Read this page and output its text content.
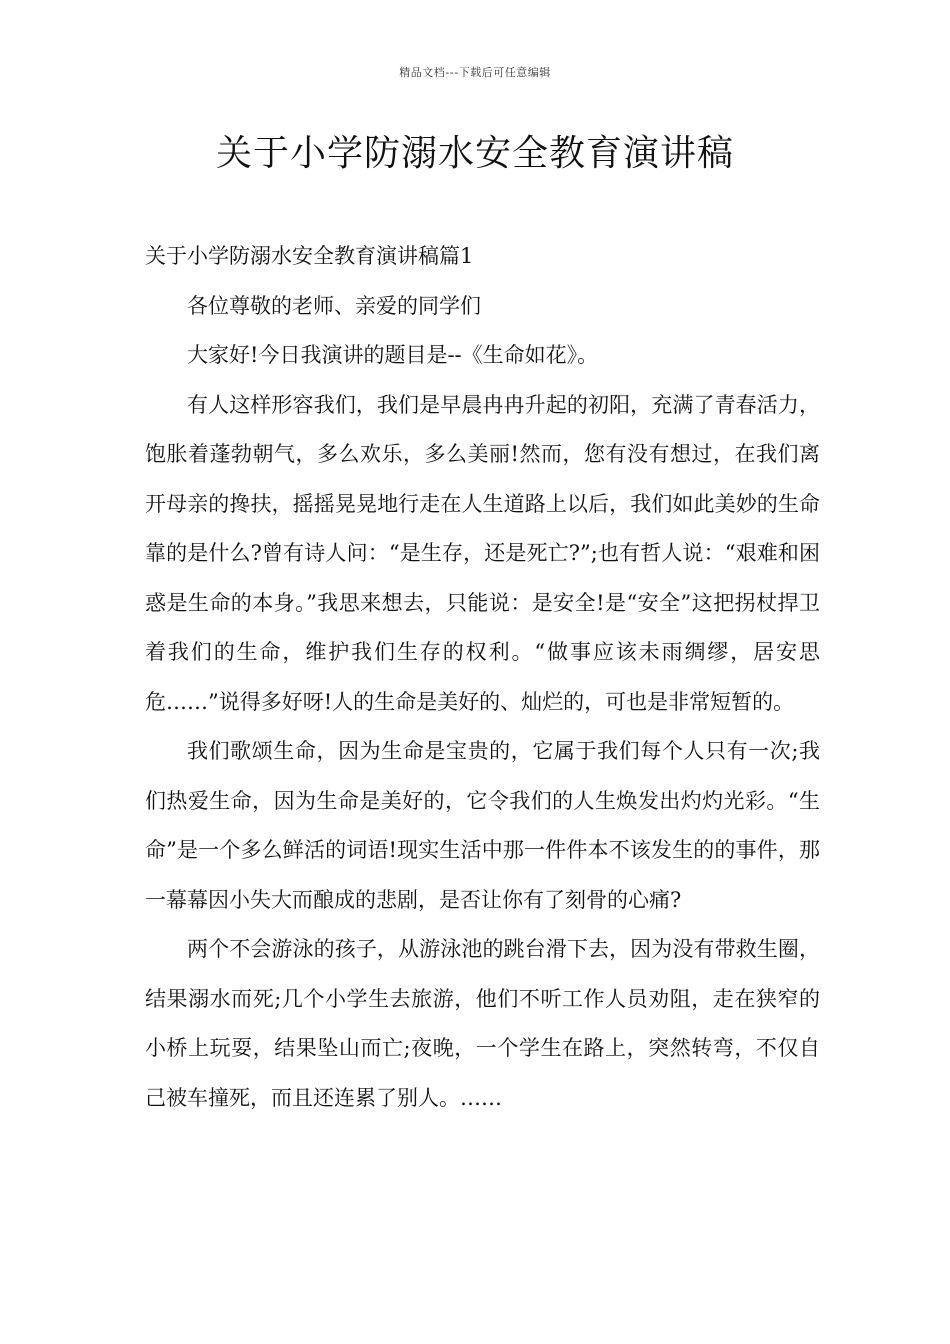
精品文档---下载后可任意编辑
关于小学防溺水安全教育演讲稿
关于小学防溺水安全教育演讲稿篇1

各位尊敬的老师、亲爱的同学们

大家好!今日我演讲的题目是--《生命如花》。

有人这样形容我们，我们是早晨冉冉升起的初阳，充满了青春活力，饱胀着蓬勃朝气，多么欢乐，多么美丽!然而，您有没有想过，在我们离开母亲的搀扶，摇摇晃晃地行走在人生道路上以后，我们如此美妙的生命靠的是什么?曾有诗人问：“是生存，还是死亡?”;也有哲人说：“艰难和困惑是生命的本身。”我思来想去，只能说：是安全!是“安全”这把拐杖捍卫着我们的生命，维护我们生存的权利。“做事应该未雨绸缪，居安思危……”说得多好呀!人的生命是美好的、灿烂的，可也是非常短暂的。

我们歌颂生命，因为生命是宝贵的，它属于我们每个人只有一次;我们热爱生命，因为生命是美好的，它令我们的人生焕发出灼灼光彩。“生命”是一个多么鲜活的词语!现实生活中那一件件本不该发生的的事件，那一幕幕因小失大而酿成的悲剧，是否让你有了刻骨的心痛?

两个不会游泳的孩子，从游泳池的跳台滑下去，因为没有带救生圈，结果溺水而死;几个小学生去旅游，他们不听工作人员劝阻，走在狭窄的小桥上玩耍，结果坠山而亡;夜晚，一个学生在路上，突然转弯，不仅自己被车撞死，而且还连累了别人。……
